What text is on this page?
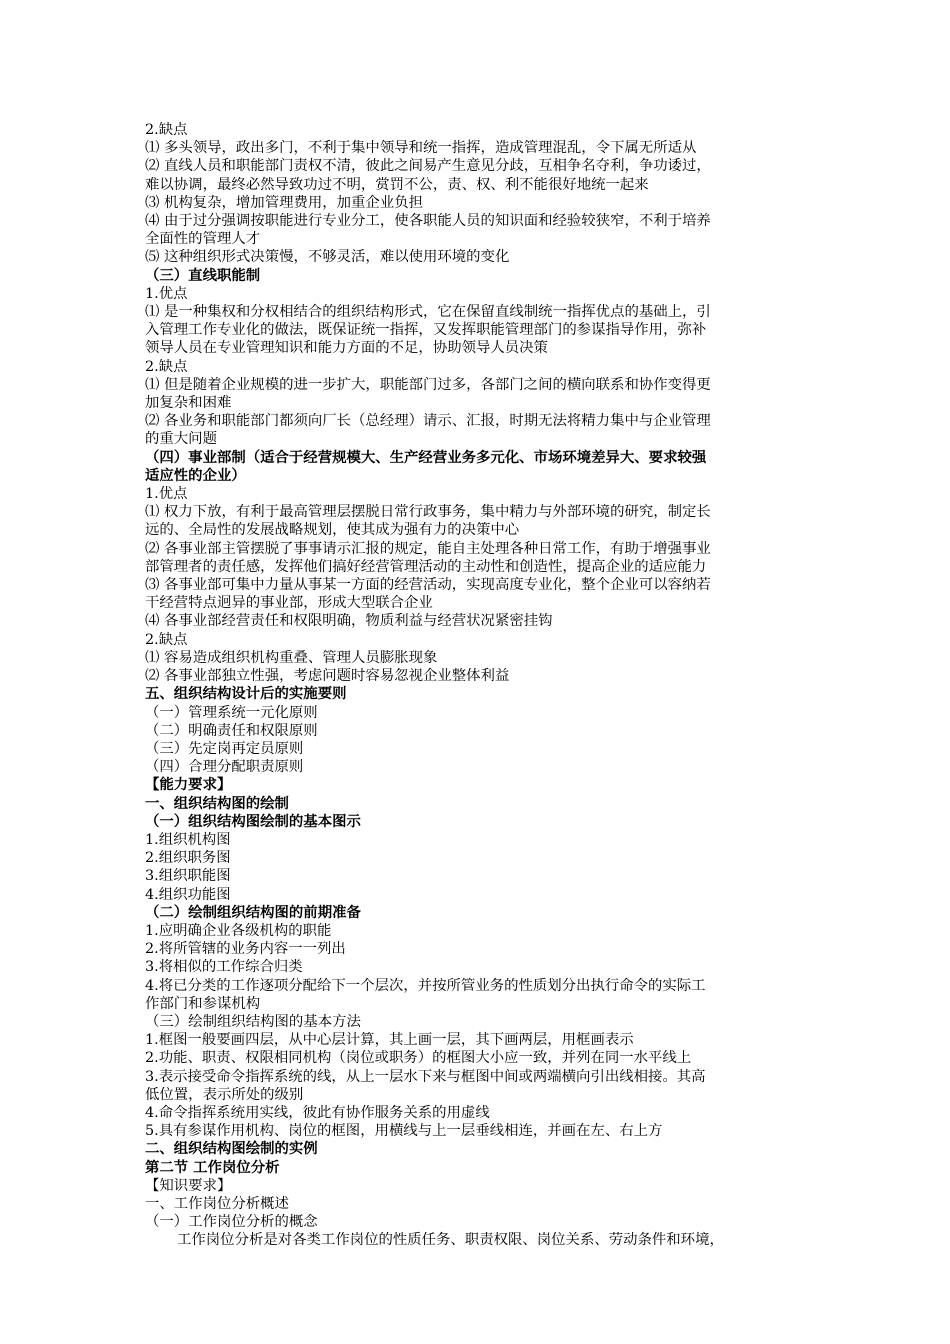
2.缺点
⑴ 多头领导，政出多门，不利于集中领导和统一指挥，造成管理混乱，令下属无所适从
⑵ 直线人员和职能部门责权不清，彼此之间易产生意见分歧，互相争名夺利，争功诿过，
难以协调，最终必然导致功过不明，赏罚不公，责、权、利不能很好地统一起来
⑶ 机构复杂，增加管理费用，加重企业负担
⑷ 由于过分强调按职能进行专业分工，使各职能人员的知识面和经验较狭窄，不利于培养
全面性的管理人才
⑸ 这种组织形式决策慢，不够灵活，难以使用环境的变化
（三）直线职能制
1.优点
⑴ 是一种集权和分权相结合的组织结构形式，它在保留直线制统一指挥优点的基础上，引
入管理工作专业化的做法，既保证统一指挥，又发挥职能管理部门的参谋指导作用，弥补
领导人员在专业管理知识和能力方面的不足，协助领导人员决策
2.缺点
⑴ 但是随着企业规模的进一步扩大，职能部门过多，各部门之间的横向联系和协作变得更
加复杂和困难
⑵ 各业务和职能部门都须向厂长（总经理）请示、汇报，时期无法将精力集中与企业管理
的重大问题
（四）事业部制（适合于经营规模大、生产经营业务多元化、市场环境差异大、要求较强
适应性的企业）
1.优点
⑴ 权力下放，有利于最高管理层摆脱日常行政事务，集中精力与外部环境的研究，制定长
远的、全局性的发展战略规划，使其成为强有力的决策中心
⑵ 各事业部主管摆脱了事事请示汇报的规定，能自主处理各种日常工作，有助于增强事业
部管理者的责任感，发挥他们搞好经营管理活动的主动性和创造性，提高企业的适应能力
⑶ 各事业部可集中力量从事某一方面的经营活动，实现高度专业化，整个企业可以容纳若
干经营特点迥异的事业部，形成大型联合企业
⑷ 各事业部经营责任和权限明确，物质利益与经营状况紧密挂钩
2.缺点
⑴ 容易造成组织机构重叠、管理人员膨胀现象
⑵ 各事业部独立性强，考虑问题时容易忽视企业整体利益
五、组织结构设计后的实施要则
（一）管理系统一元化原则
（二）明确责任和权限原则
（三）先定岗再定员原则
（四）合理分配职责原则
【能力要求】
一、组织结构图的绘制
（一）组织结构图绘制的基本图示
1.组织机构图
2.组织职务图
3.组织职能图
4.组织功能图
（二）绘制组织结构图的前期准备
1.应明确企业各级机构的职能
2.将所管辖的业务内容一一列出
3.将相似的工作综合归类
4.将已分类的工作逐项分配给下一个层次，并按所管业务的性质划分出执行命令的实际工
作部门和参谋机构
（三）绘制组织结构图的基本方法
1.框图一般要画四层，从中心层计算，其上画一层，其下画两层，用框画表示
2.功能、职责、权限相同机构（岗位或职务）的框图大小应一致，并列在同一水平线上
3.表示接受命令指挥系统的线，从上一层水下来与框图中间或两端横向引出线相接。其高
低位置，表示所处的级别
4.命令指挥系统用实线，彼此有协作服务关系的用虚线
5.具有参谋作用机构、岗位的框图，用横线与上一层垂线相连，并画在左、右上方
二、组织结构图绘制的实例
第二节 工作岗位分析
【知识要求】
一、工作岗位分析概述
（一）工作岗位分析的概念
工作岗位分析是对各类工作岗位的性质任务、职责权限、岗位关系、劳动条件和环境，
